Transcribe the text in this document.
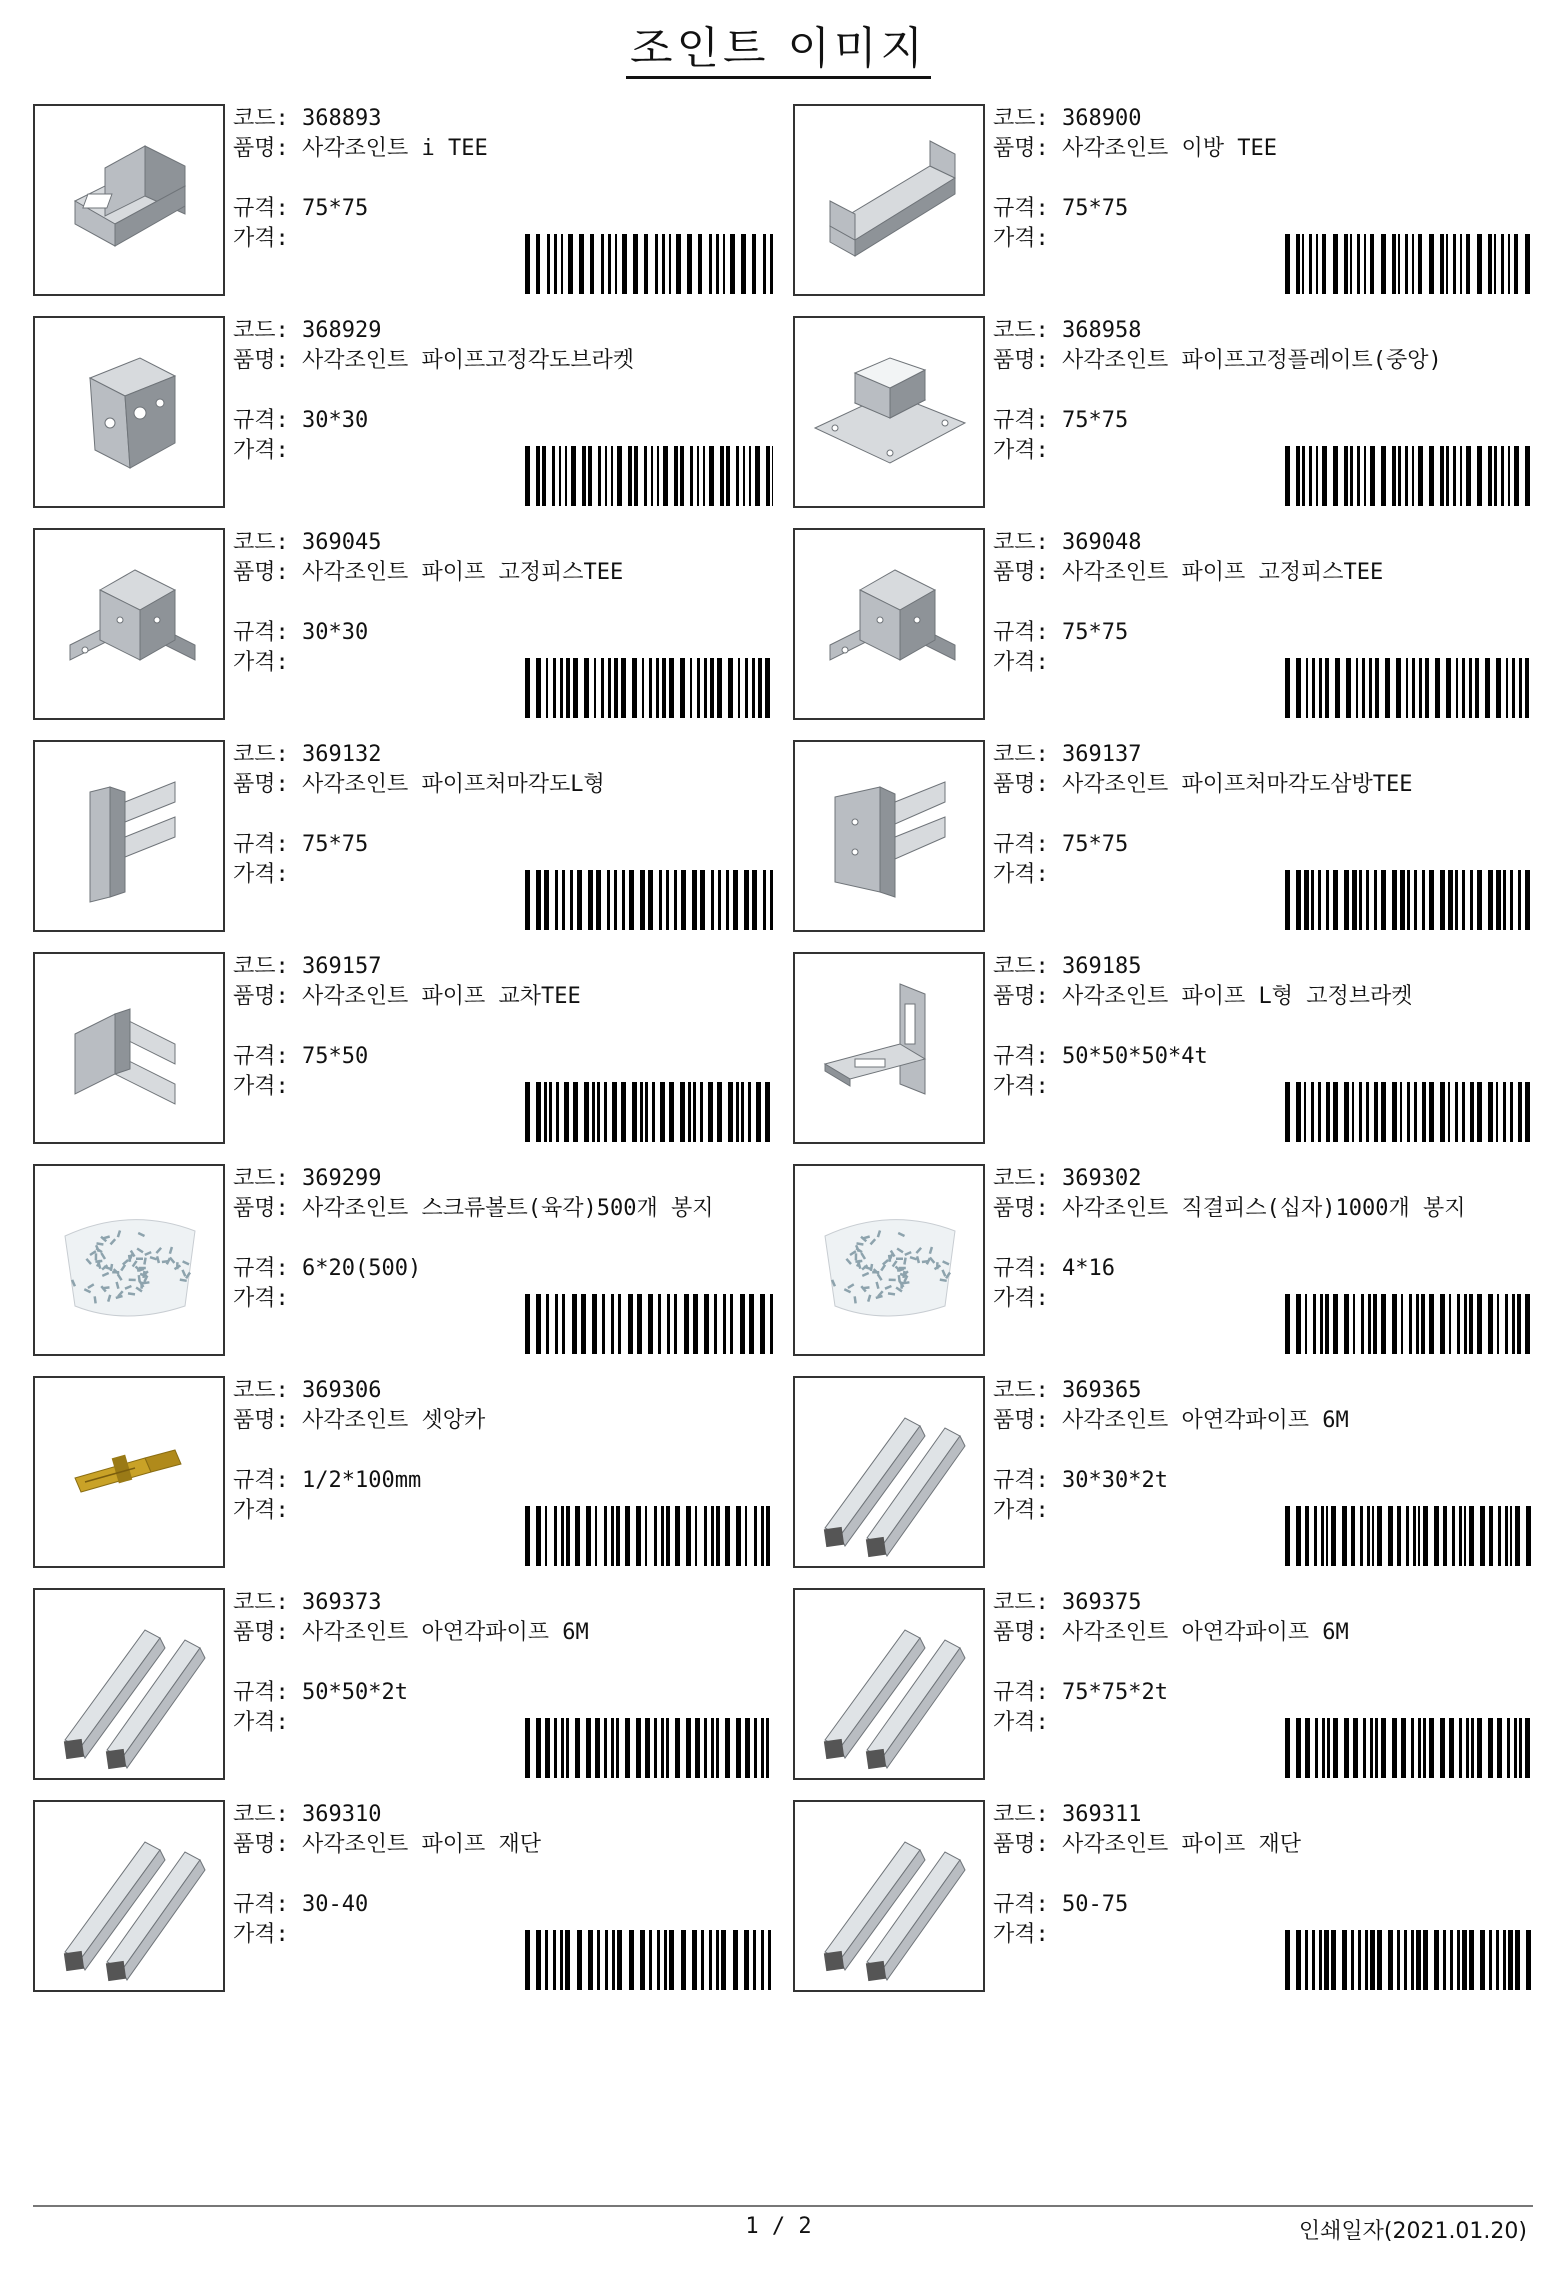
조인트 이미지
코드: 368893
품명: 사각조인트 i TEE
규격: 75*75
가격:
코드: 368900
품명: 사각조인트 이방 TEE
규격: 75*75
가격:
코드: 368929
품명: 사각조인트 파이프고정각도브라켓
규격: 30*30
가격:
코드: 368958
품명: 사각조인트 파이프고정플레이트(중앙)
규격: 75*75
가격:
코드: 369045
품명: 사각조인트 파이프 고정피스TEE
규격: 30*30
가격:
코드: 369048
품명: 사각조인트 파이프 고정피스TEE
규격: 75*75
가격:
코드: 369132
품명: 사각조인트 파이프처마각도L형
규격: 75*75
가격:
코드: 369137
품명: 사각조인트 파이프처마각도삼방TEE
규격: 75*75
가격:
코드: 369157
품명: 사각조인트 파이프 교차TEE
규격: 75*50
가격:
코드: 369185
품명: 사각조인트 파이프 L형 고정브라켓
규격: 50*50*50*4t
가격:
코드: 369299
품명: 사각조인트 스크류볼트(육각)500개 봉지
규격: 6*20(500)
가격:
코드: 369302
품명: 사각조인트 직결피스(십자)1000개 봉지
규격: 4*16
가격:
코드: 369306
품명: 사각조인트 셋앙카
규격: 1/2*100mm
가격:
코드: 369365
품명: 사각조인트 아연각파이프 6M
규격: 30*30*2t
가격:
코드: 369373
품명: 사각조인트 아연각파이프 6M
규격: 50*50*2t
가격:
코드: 369375
품명: 사각조인트 아연각파이프 6M
규격: 75*75*2t
가격:
코드: 369310
품명: 사각조인트 파이프 재단
규격: 30-40
가격:
코드: 369311
품명: 사각조인트 파이프 재단
규격: 50-75
가격:
1 / 2	인쇄일자(2021.01.20)
